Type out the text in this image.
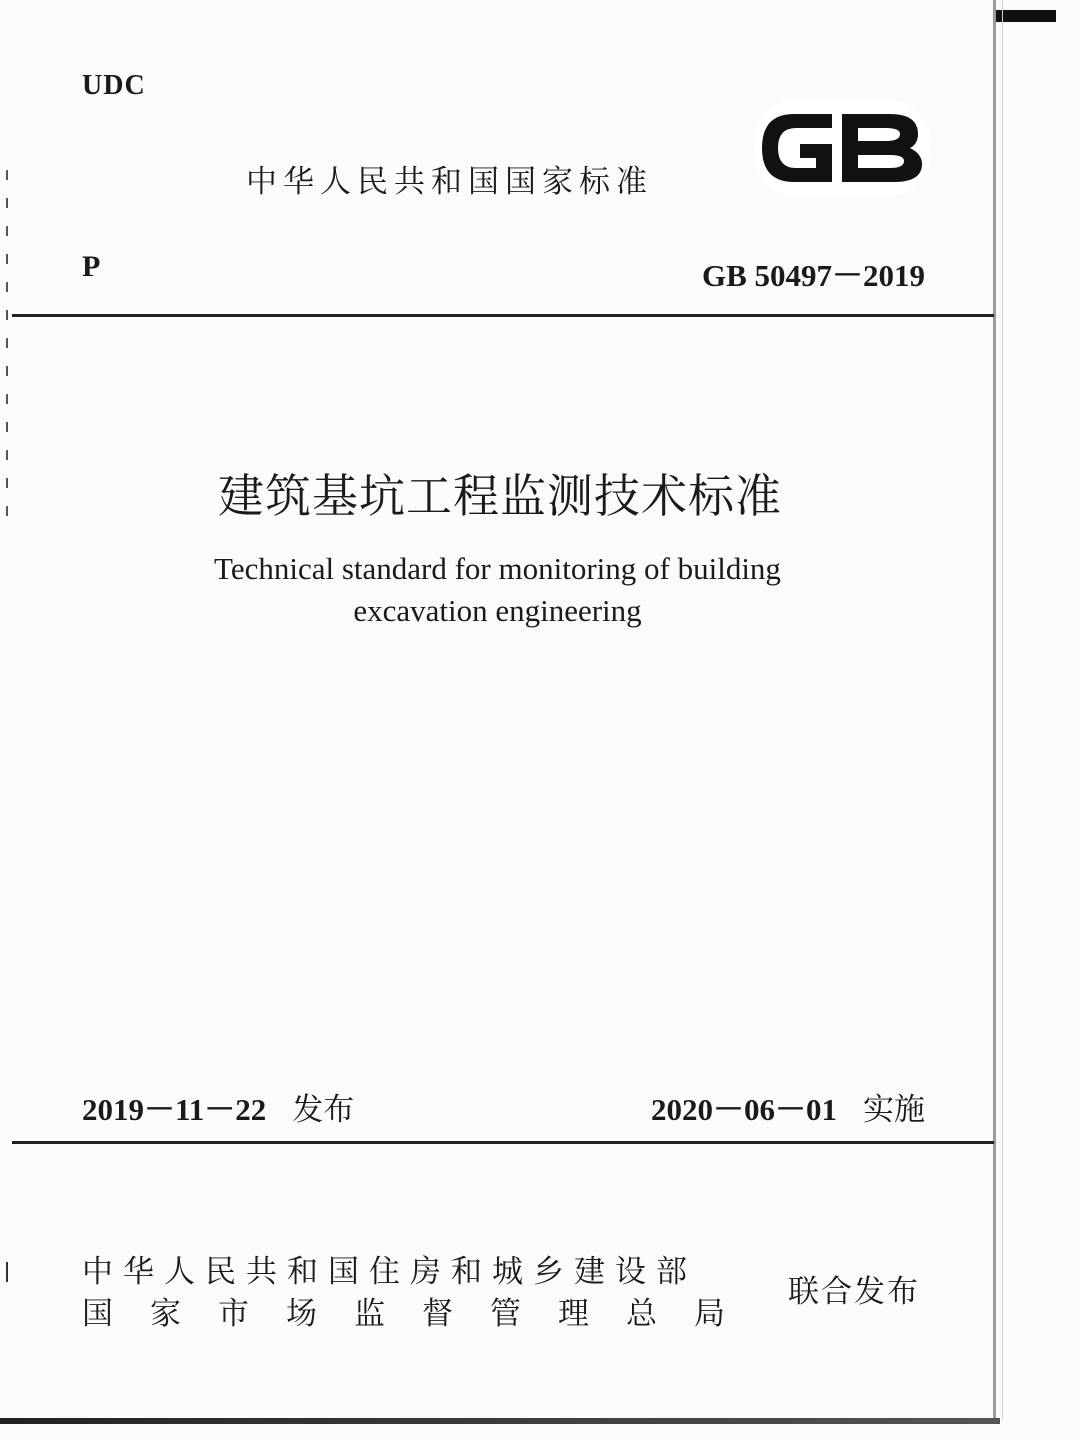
UDC
中华人民共和国国家标准
GB
P	GB 50497－2019
建筑基坑工程监测技术标准
Technical standard for monitoring of building
excavation engineering
2019－11－22 发布	2020－06－01 实施
中华人民共和国住房和城乡建设部
国家市场监督管理总局
联合发布
